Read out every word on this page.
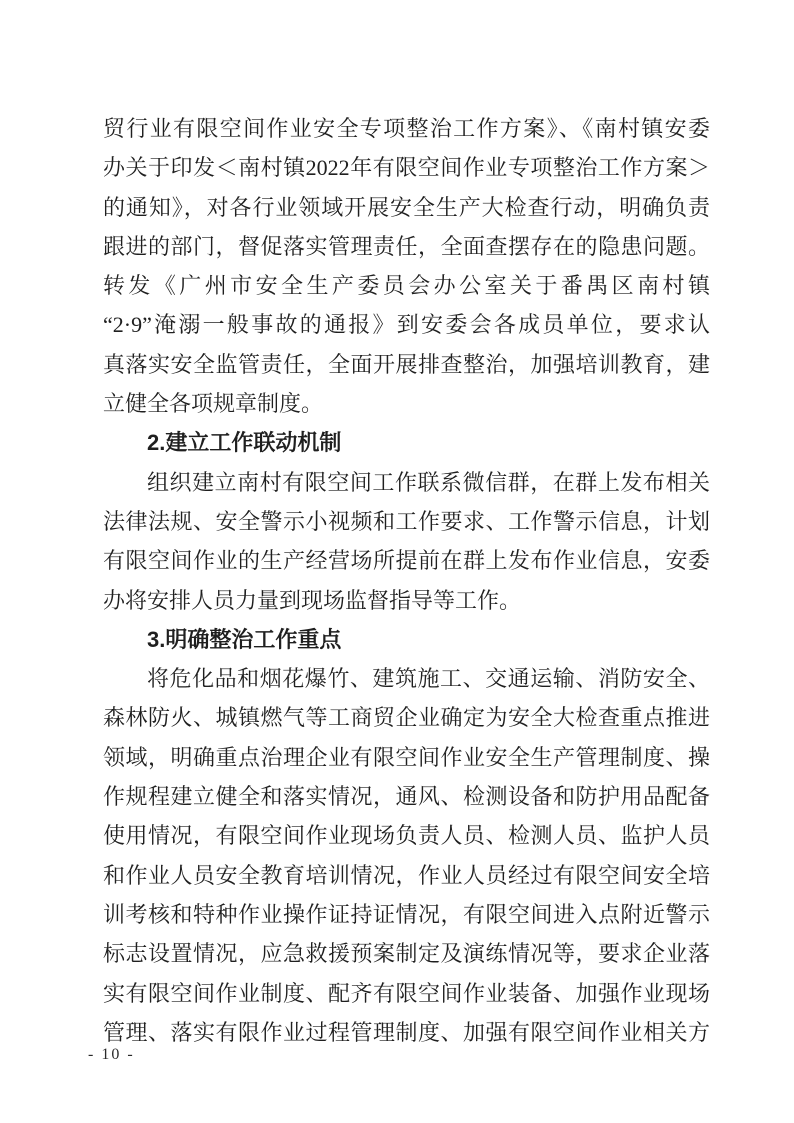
贸行业有限空间作业安全专项整治工作方案》、《南村镇安委
办关于印发＜南村镇2022年有限空间作业专项整治工作方案＞
的通知》，对各行业领域开展安全生产大检查行动，明确负责
跟进的部门，督促落实管理责任，全面查摆存在的隐患问题。
转发《广州市安全生产委员会办公室关于番禺区南村镇
“2·9”淹溺一般事故的通报》到安委会各成员单位，要求认
真落实安全监管责任，全面开展排查整治，加强培训教育，建
立健全各项规章制度。
2.建立工作联动机制
组织建立南村有限空间工作联系微信群，在群上发布相关
法律法规、安全警示小视频和工作要求、工作警示信息，计划
有限空间作业的生产经营场所提前在群上发布作业信息，安委
办将安排人员力量到现场监督指导等工作。
3.明确整治工作重点
将危化品和烟花爆竹、建筑施工、交通运输、消防安全、
森林防火、城镇燃气等工商贸企业确定为安全大检查重点推进
领域，明确重点治理企业有限空间作业安全生产管理制度、操
作规程建立健全和落实情况，通风、检测设备和防护用品配备
使用情况，有限空间作业现场负责人员、检测人员、监护人员
和作业人员安全教育培训情况，作业人员经过有限空间安全培
训考核和特种作业操作证持证情况，有限空间进入点附近警示
标志设置情况，应急救援预案制定及演练情况等，要求企业落
实有限空间作业制度、配齐有限空间作业装备、加强作业现场
管理、落实有限作业过程管理制度、加强有限空间作业相关方
- 10 -
